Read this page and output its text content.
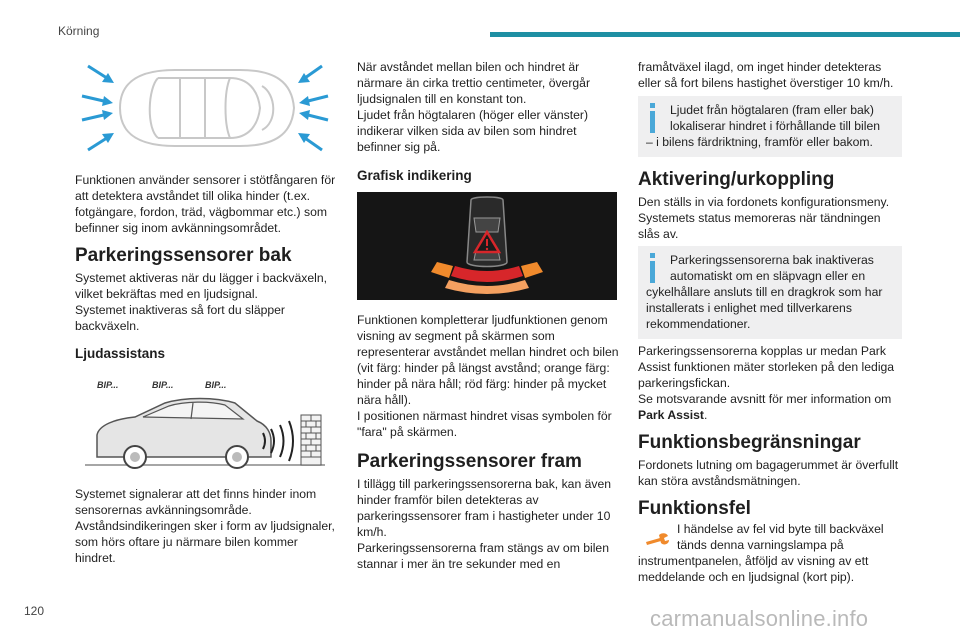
Körning
Funktionen använder sensorer i stötfångaren för att detektera avståndet till olika hinder (t.ex. fotgängare, fordon, träd, vägbommar etc.) som befinner sig inom avkänningsområdet.
Parkeringssensorer bak
Systemet aktiveras när du lägger i backväxeln, vilket bekräftas med en ljudsignal.
Systemet inaktiveras så fort du släpper backväxeln.
Ljudassistans
BIP...	BIP...	BIP...
Systemet signalerar att det finns hinder inom sensorernas avkänningsområde.
Avståndsindikeringen sker i form av ljudsignaler, som hörs oftare ju närmare bilen kommer hindret.
När avståndet mellan bilen och hindret är närmare än cirka trettio centimeter, övergår ljudsignalen till en konstant ton.
Ljudet från högtalaren (höger eller vänster) indikerar vilken sida av bilen som hindret befinner sig på.
Grafisk indikering
Funktionen kompletterar ljudfunktionen genom visning av segment på skärmen som representerar avståndet mellan hindret och bilen (vit färg: hinder på längst avstånd; orange färg: hinder på nära håll; röd färg: hinder på mycket nära håll).
I positionen närmast hindret visas symbolen för "fara" på skärmen.
Parkeringssensorer fram
I tillägg till parkeringssensorerna bak, kan även hinder framför bilen detekteras av parkeringssensorer fram i hastigheter under 10 km/h.
Parkeringssensorerna fram stängs av om bilen stannar i mer än tre sekunder med en
framåtväxel ilagd, om inget hinder detekteras eller så fort bilens hastighet överstiger 10 km/h.
Ljudet från högtalaren (fram eller bak) lokaliserar hindret i förhållande till bilen
– i bilens färdriktning, framför eller bakom.
Aktivering/urkoppling
Den ställs in via fordonets konfigurationsmeny. Systemets status memoreras när tändningen slås av.
Parkeringssensorerna bak inaktiveras automatiskt om en släpvagn eller en
cykelhållare ansluts till en dragkrok som har installerats i enlighet med tillverkarens rekommendationer.
Parkeringssensorerna kopplas ur medan Park Assist funktionen mäter storleken på den lediga parkeringsfickan.
Se motsvarande avsnitt för mer information om Park Assist.
Funktionsbegränsningar
Fordonets lutning om bagagerummet är överfullt kan störa avståndsmätningen.
Funktionsfel
I händelse av fel vid byte till backväxel tänds denna varningslampa på
instrumentpanelen, åtföljd av visning av ett meddelande och en ljudsignal (kort pip).
120	carmanualsonline.info
